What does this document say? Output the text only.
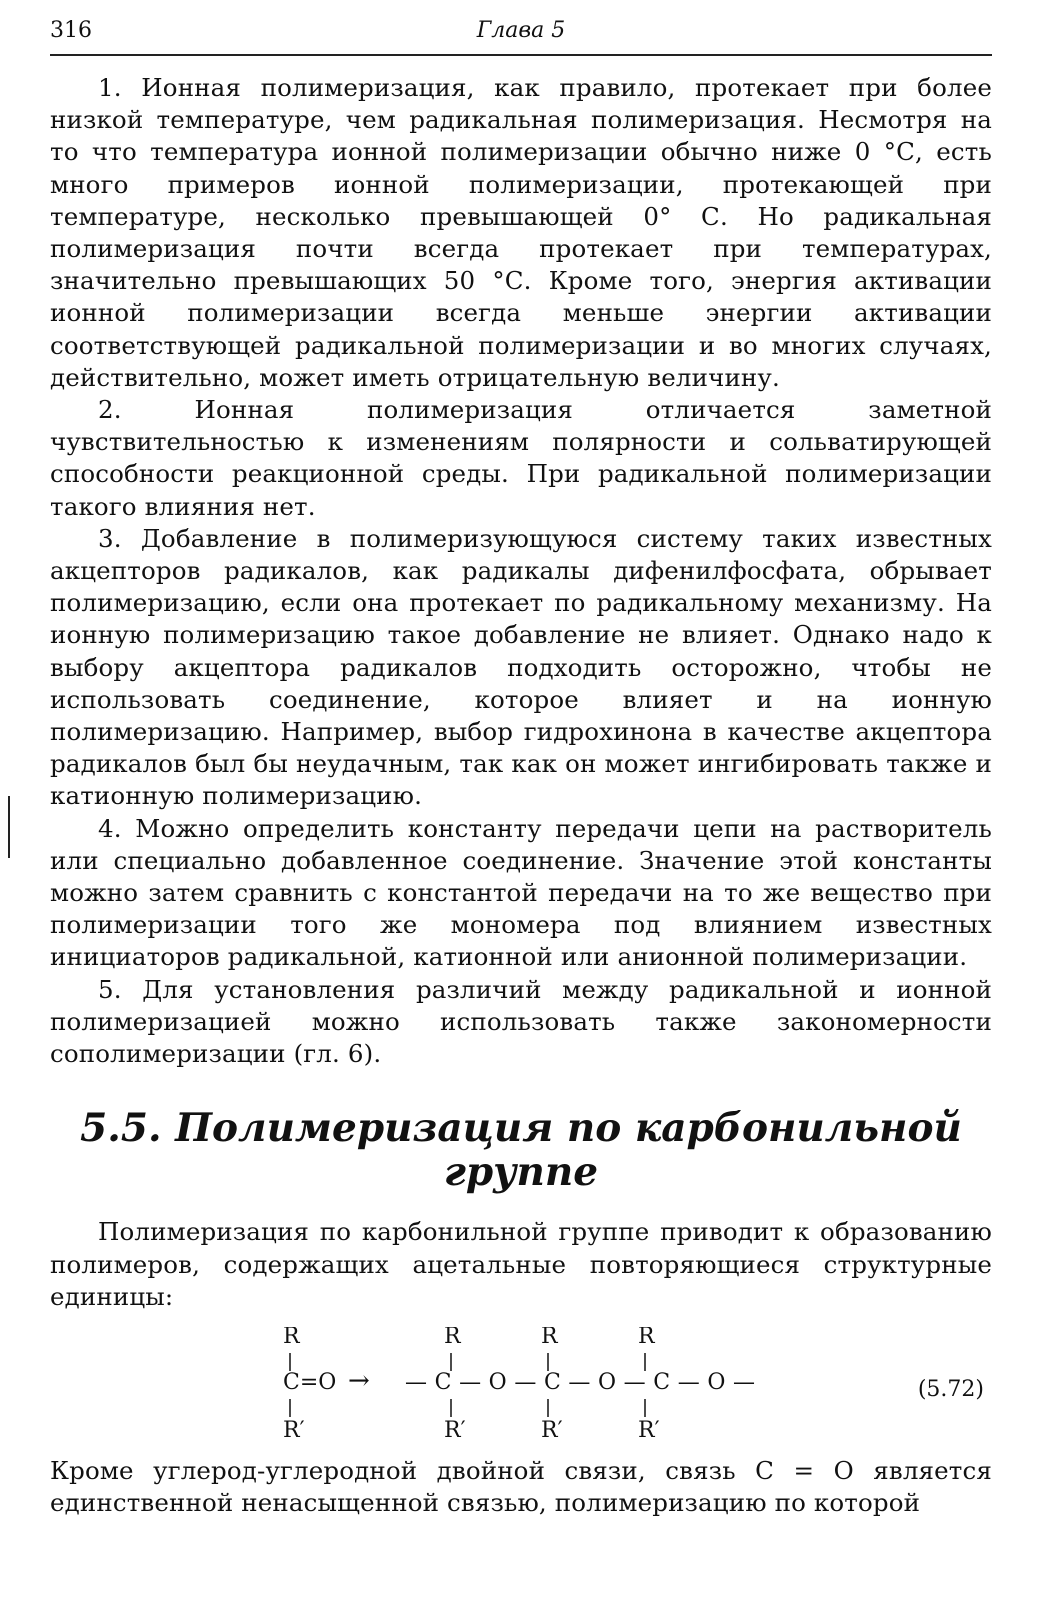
316	Глава 5

1. Ионная полимеризация, как правило, протекает при более низкой температуре, чем радикальная полимеризация. Несмотря на то что температура ионной полимеризации обычно ниже 0 °С, есть много примеров ионной полимеризации, протекающей при температуре, несколько превышающей 0° С. Но радикальная полимеризация почти всегда протекает при температурах, значительно превышающих 50 °С. Кроме того, энергия активации ионной полимеризации всегда меньше энергии активации соответствующей радикальной полимеризации и во многих случаях, действительно, может иметь отрицательную величину.

2. Ионная полимеризация отличается заметной чувствительностью к изменениям полярности и сольватирующей способности реакционной среды. При радикальной полимеризации такого влияния нет.

3. Добавление в полимеризующуюся систему таких известных акцепторов радикалов, как радикалы дифенилфосфата, обрывает полимеризацию, если она протекает по радикальному механизму. На ионную полимеризацию такое добавление не влияет. Однако надо к выбору акцептора радикалов подходить осторожно, чтобы не использовать соединение, которое влияет и на ионную полимеризацию. Например, выбор гидрохинона в качестве акцептора радикалов был бы неудачным, так как он может ингибировать также и катионную полимеризацию.

4. Можно определить константу передачи цепи на растворитель или специально добавленное соединение. Значение этой константы можно затем сравнить с константой передачи на то же вещество при полимеризации того же мономера под влиянием известных инициаторов радикальной, катионной или анионной полимеризации.

5. Для установления различий между радикальной и ионной полимеризацией можно использовать также закономерности сополимеризации (гл. 6).

5.5. Полимеризация по карбонильной группе

Полимеризация по карбонильной группе приводит к образованию полимеров, содержащих ацетальные повторяющиеся структурные единицы:

R
C=O
R′
→
R	R	R
—C—O—C—O—C—O—
R′	R′	R′
(5.72)

Кроме углерод-углеродной двойной связи, связь C = O является единственной ненасыщенной связью, полимеризацию по которой
